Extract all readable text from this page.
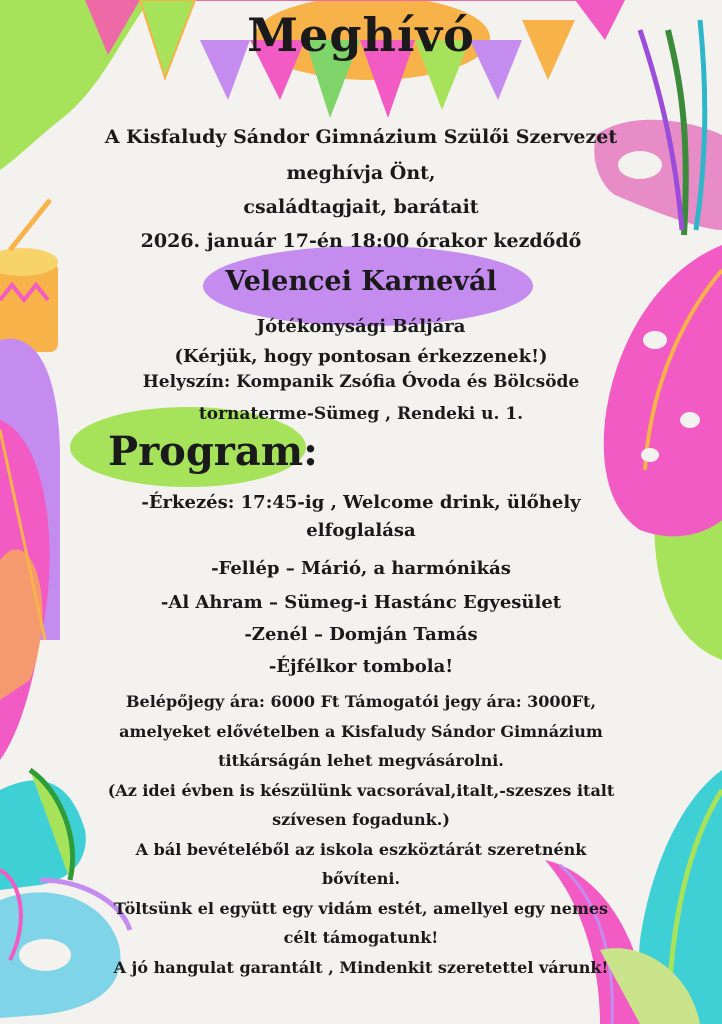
Meghívó
A Kisfaludy Sándor Gimnázium Szülői Szervezet
meghívja Önt,
családtagjait, barátait
2026. január 17-én 18:00 órakor kezdődő
Velencei Karnevál
Jótékonysági Báljára
(Kérjük, hogy pontosan érkezzenek!)
Helyszín: Kompanik Zsófia Óvoda és Bölcsöde
tornaterme-Sümeg , Rendeki u. 1.
Program:
-Érkezés: 17:45-ig , Welcome drink, ülőhely
elfoglalása
-Fellép – Márió, a harmónikás
-Al Ahram – Sümeg-i Hastánc Egyesület
-Zenél – Domján Tamás
-Éjfélkor tombola!
Belépőjegy ára: 6000 Ft Támogatói jegy ára: 3000Ft,
amelyeket elővételben a Kisfaludy Sándor Gimnázium
titkárságán lehet megvásárolni.
(Az idei évben is készülünk vacsorával,italt,-szeszes italt
szívesen fogadunk.)
A bál bevételéből az iskola eszköztárát szeretnénk
bővíteni.
Töltsünk el együtt egy vidám estét, amellyel egy nemes
célt támogatunk!
A jó hangulat garantált , Mindenkit szeretettel várunk!
